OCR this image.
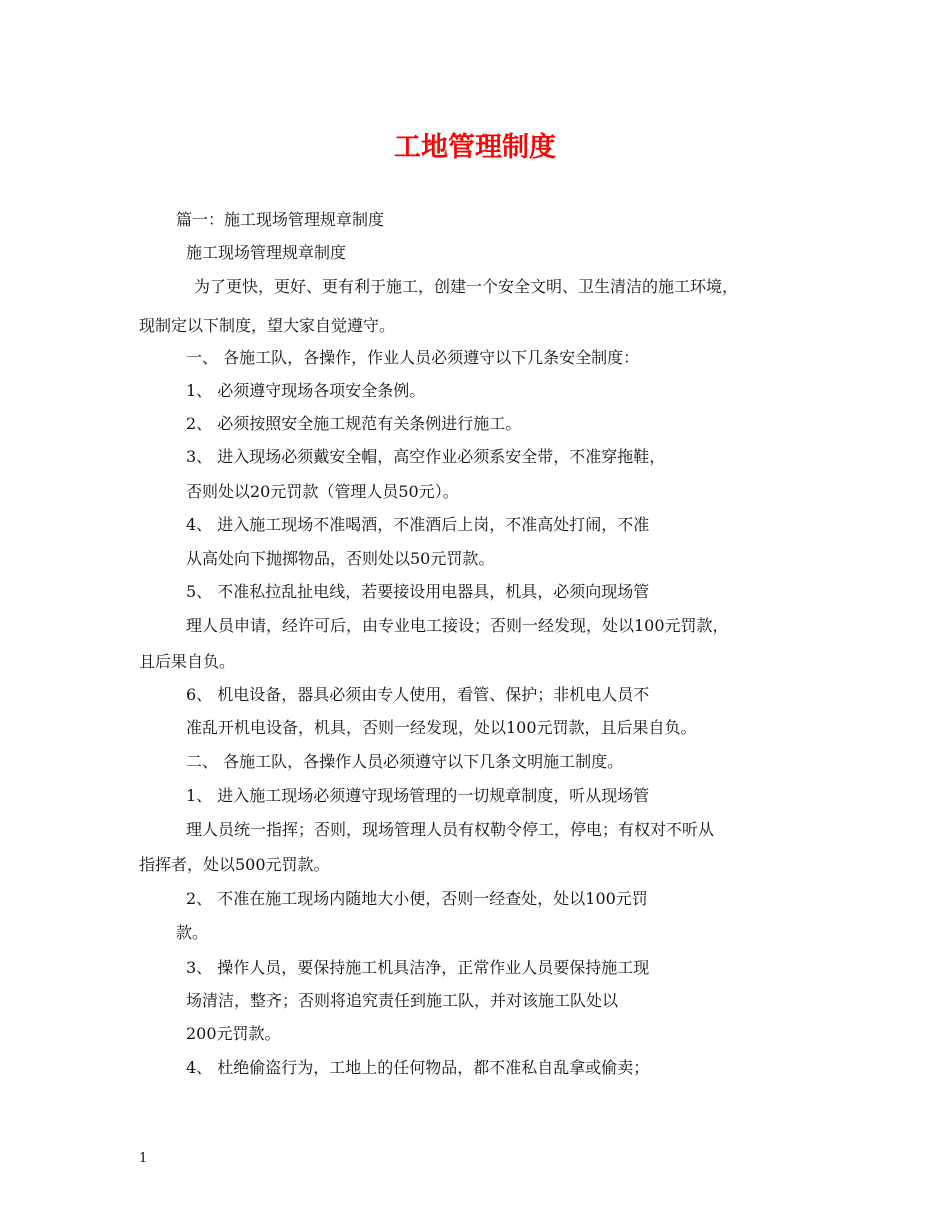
工地管理制度

篇一：施工现场管理规章制度

施工现场管理规章制度

为了更快，更好、更有利于施工，创建一个安全文明、卫生清洁的施工环境，

现制定以下制度，望大家自觉遵守。

一、 各施工队，各操作，作业人员必须遵守以下几条安全制度：

1、 必须遵守现场各项安全条例。

2、 必须按照安全施工规范有关条例进行施工。

3、 进入现场必须戴安全帽，高空作业必须系安全带，不准穿拖鞋，

否则处以20元罚款（管理人员50元）。

4、 进入施工现场不准喝酒，不准酒后上岗，不准高处打闹，不准

从高处向下抛掷物品，否则处以50元罚款。

5、 不准私拉乱扯电线，若要接设用电器具，机具，必须向现场管

理人员申请，经许可后，由专业电工接设；否则一经发现，处以100元罚款，

且后果自负。

6、 机电设备，器具必须由专人使用，看管、保护；非机电人员不

准乱开机电设备，机具，否则一经发现，处以100元罚款，且后果自负。

二、 各施工队，各操作人员必须遵守以下几条文明施工制度。

1、 进入施工现场必须遵守现场管理的一切规章制度，听从现场管

理人员统一指挥；否则，现场管理人员有权勒令停工，停电；有权对不听从

指挥者，处以500元罚款。

2、 不准在施工现场内随地大小便，否则一经查处，处以100元罚

款。

3、 操作人员，要保持施工机具洁净，正常作业人员要保持施工现

场清洁，整齐；否则将追究责任到施工队，并对该施工队处以

200元罚款。

4、 杜绝偷盗行为，工地上的任何物品，都不准私自乱拿或偷卖；

1
